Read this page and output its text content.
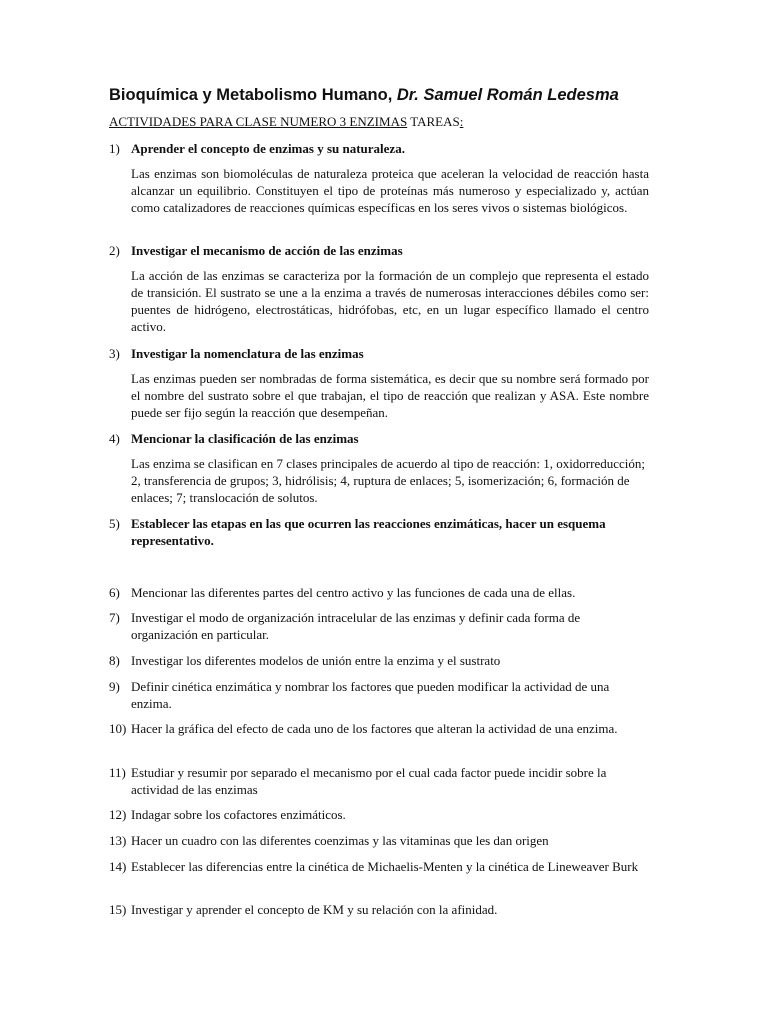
Bioquímica y Metabolismo Humano, Dr. Samuel Román Ledesma
ACTIVIDADES PARA CLASE NUMERO 3 ENZIMAS TAREAS:
1) Aprender el concepto de enzimas y su naturaleza.
Las enzimas son biomoléculas de naturaleza proteica que aceleran la velocidad de reacción hasta alcanzar un equilibrio. Constituyen el tipo de proteínas más numeroso y especializado y, actúan como catalizadores de reacciones químicas específicas en los seres vivos o sistemas biológicos.
2) Investigar el mecanismo de acción de las enzimas
La acción de las enzimas se caracteriza por la formación de un complejo que representa el estado de transición. El sustrato se une a la enzima a través de numerosas interacciones débiles como ser: puentes de hidrógeno, electrostáticas, hidrófobas, etc, en un lugar específico llamado el centro activo.
3) Investigar la nomenclatura de las enzimas
Las enzimas pueden ser nombradas de forma sistemática, es decir que su nombre será formado por el nombre del sustrato sobre el que trabajan, el tipo de reacción que realizan y ASA. Este nombre puede ser fijo según la reacción que desempeñan.
4) Mencionar la clasificación de las enzimas
Las enzima se clasifican en 7 clases principales de acuerdo al tipo de reacción: 1, oxidorreducción; 2, transferencia de grupos; 3, hidrólisis; 4, ruptura de enlaces; 5, isomerización; 6, formación de enlaces; 7; translocación de solutos.
5) Establecer las etapas en las que ocurren las reacciones enzimáticas, hacer un esquema representativo.
6) Mencionar las diferentes partes del centro activo y las funciones de cada una de ellas.
7) Investigar el modo de organización intracelular de las enzimas y definir cada forma de organización en particular.
8) Investigar los diferentes modelos de unión entre la enzima y el sustrato
9) Definir cinética enzimática y nombrar los factores que pueden modificar la actividad de una enzima.
10) Hacer la gráfica del efecto de cada uno de los factores que alteran la actividad de una enzima.
11) Estudiar y resumir por separado el mecanismo por el cual cada factor puede incidir sobre la actividad de las enzimas
12) Indagar sobre los cofactores enzimáticos.
13) Hacer un cuadro con las diferentes coenzimas y las vitaminas que les dan origen
14) Establecer las diferencias entre la cinética de Michaelis-Menten y la cinética de Lineweaver Burk
15) Investigar y aprender el concepto de KM y su relación con la afinidad.
